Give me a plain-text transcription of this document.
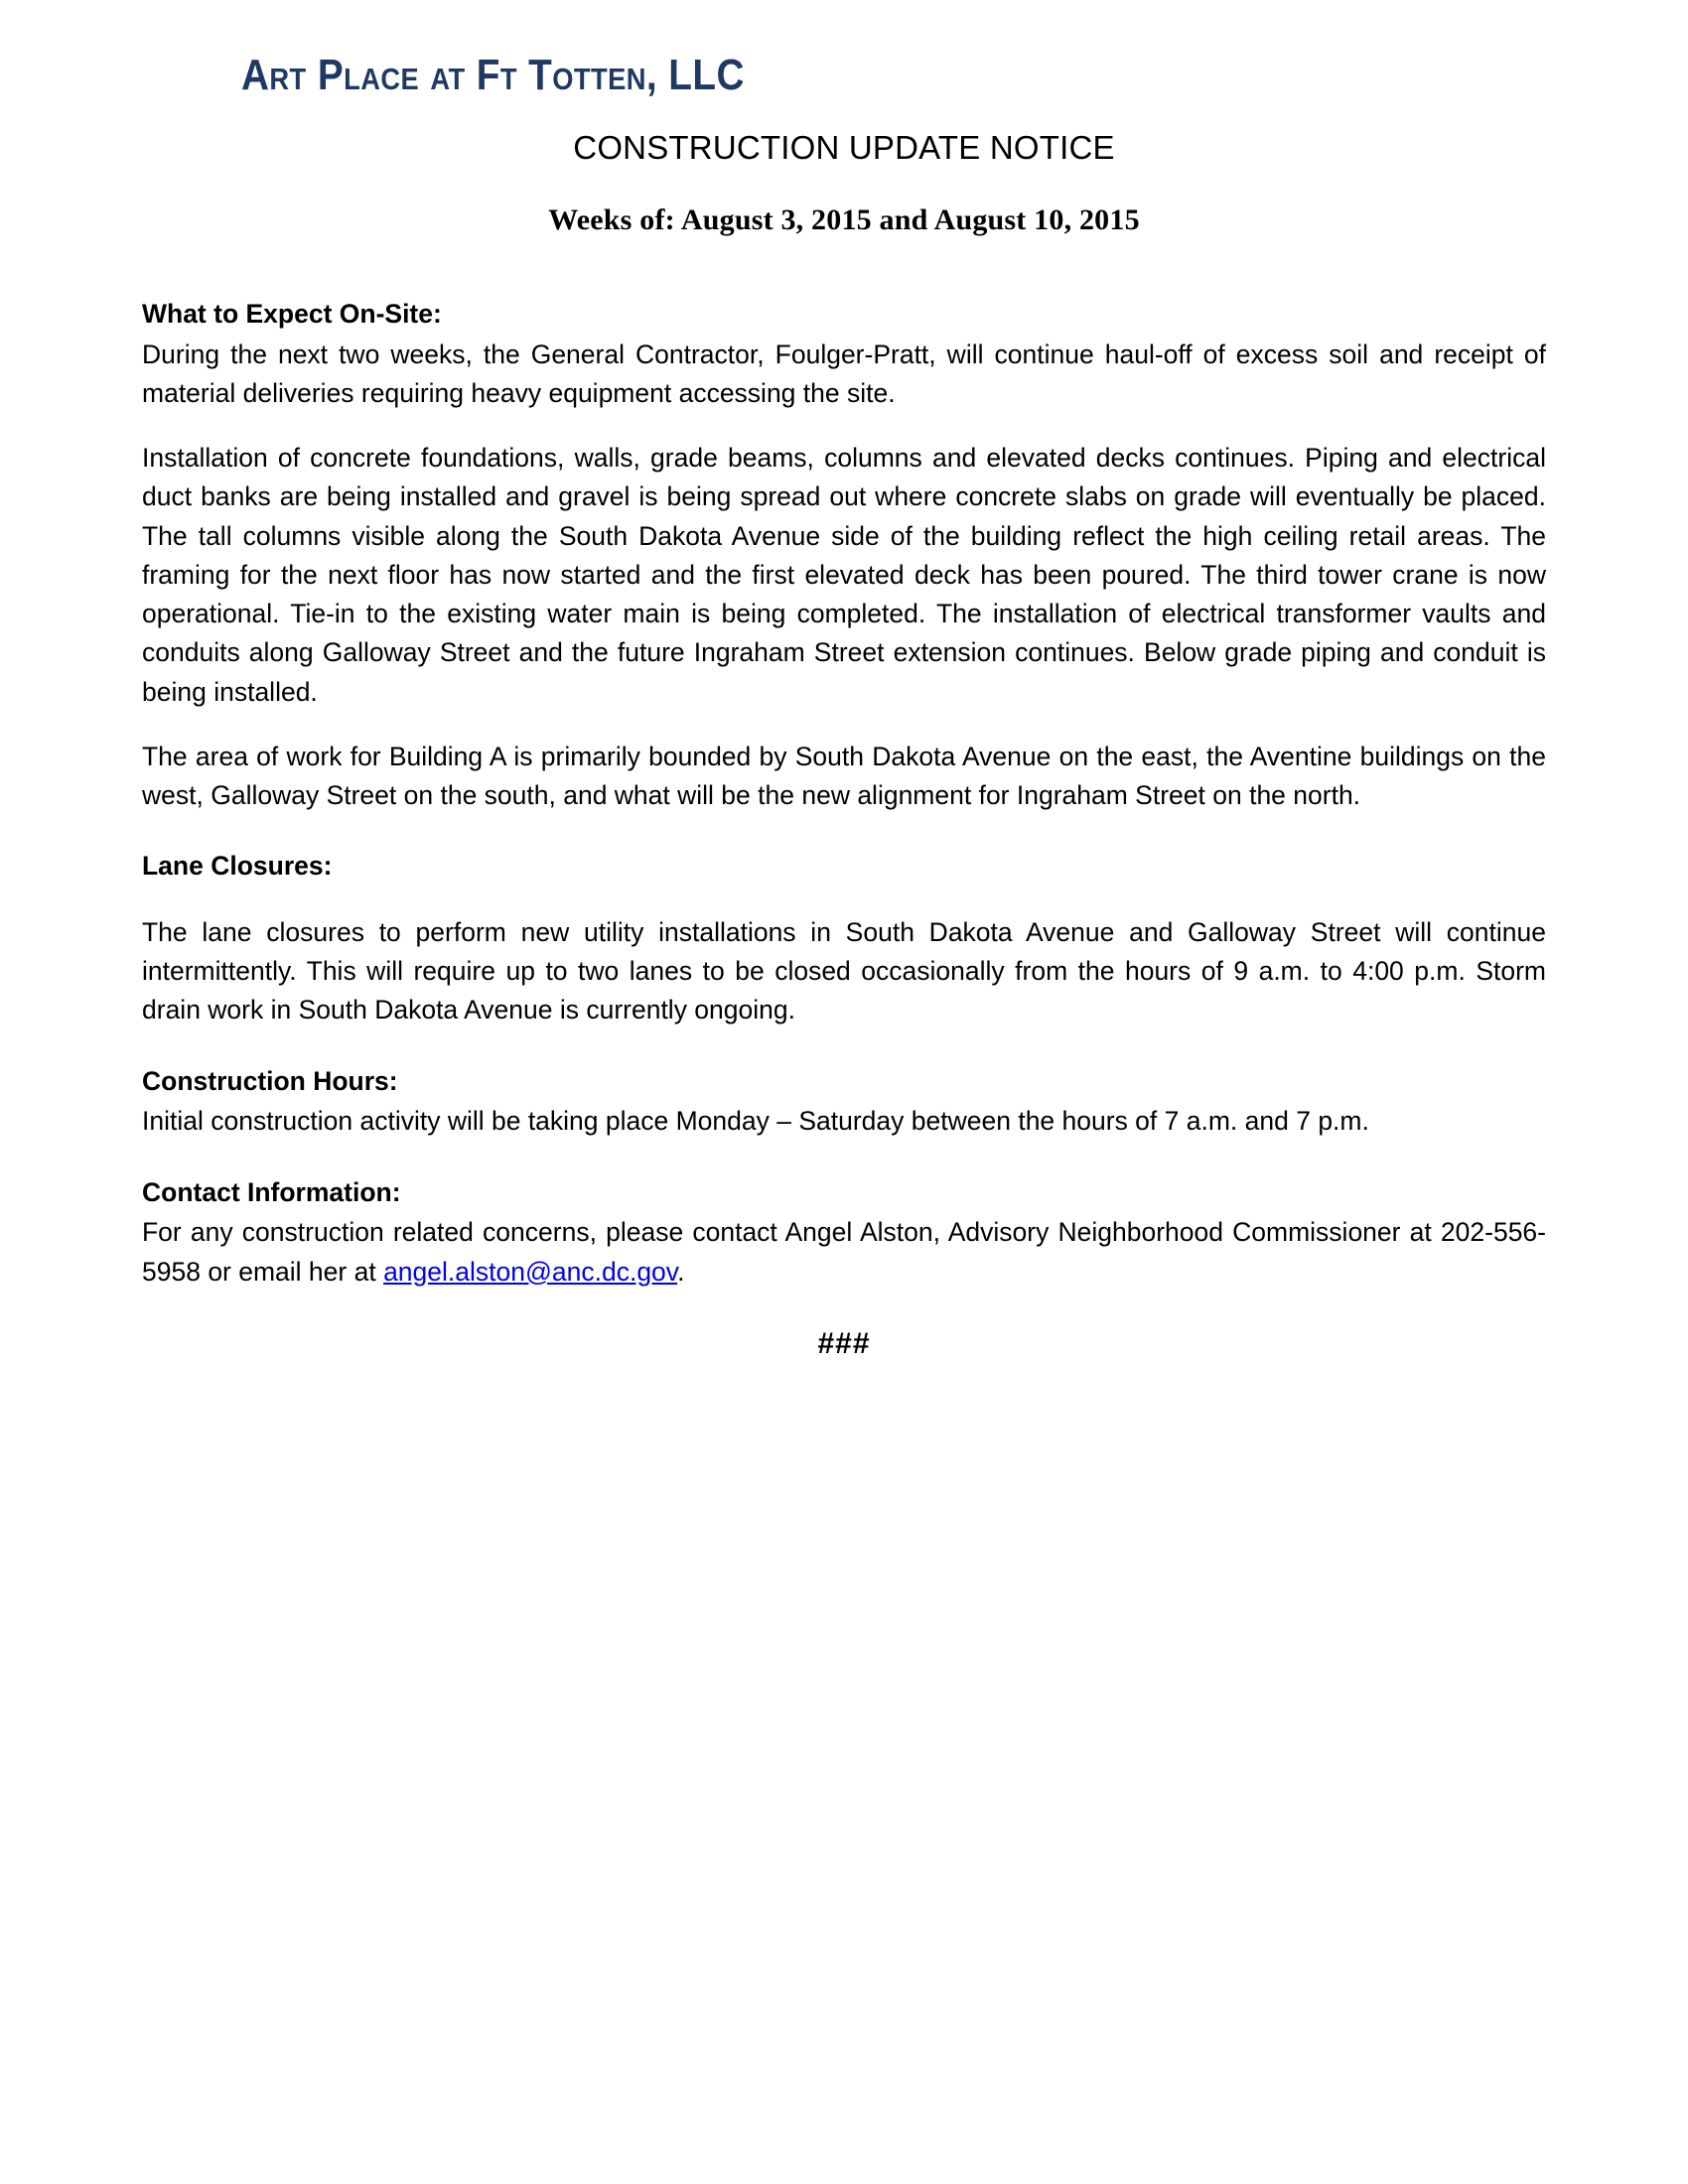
Art Place at Ft Totten, LLC
CONSTRUCTION UPDATE NOTICE
Weeks of: August 3, 2015 and August 10, 2015
What to Expect On-Site:

During the next two weeks, the General Contractor, Foulger-Pratt, will continue haul-off of excess soil and receipt of material deliveries requiring heavy equipment accessing the site.

Installation of concrete foundations, walls, grade beams, columns and elevated decks continues. Piping and electrical duct banks are being installed and gravel is being spread out where concrete slabs on grade will eventually be placed. The tall columns visible along the South Dakota Avenue side of the building reflect the high ceiling retail areas. The framing for the next floor has now started and the first elevated deck has been poured. The third tower crane is now operational. Tie-in to the existing water main is being completed. The installation of electrical transformer vaults and conduits along Galloway Street and the future Ingraham Street extension continues. Below grade piping and conduit is being installed.

The area of work for Building A is primarily bounded by South Dakota Avenue on the east, the Aventine buildings on the west, Galloway Street on the south, and what will be the new alignment for Ingraham Street on the north.

Lane Closures:

The lane closures to perform new utility installations in South Dakota Avenue and Galloway Street will continue intermittently. This will require up to two lanes to be closed occasionally from the hours of 9 a.m. to 4:00 p.m. Storm drain work in South Dakota Avenue is currently ongoing.

Construction Hours:

Initial construction activity will be taking place Monday – Saturday between the hours of 7 a.m. and 7 p.m.

Contact Information:

For any construction related concerns, please contact Angel Alston, Advisory Neighborhood Commissioner at 202-556-5958 or email her at angel.alston@anc.dc.gov.

###
